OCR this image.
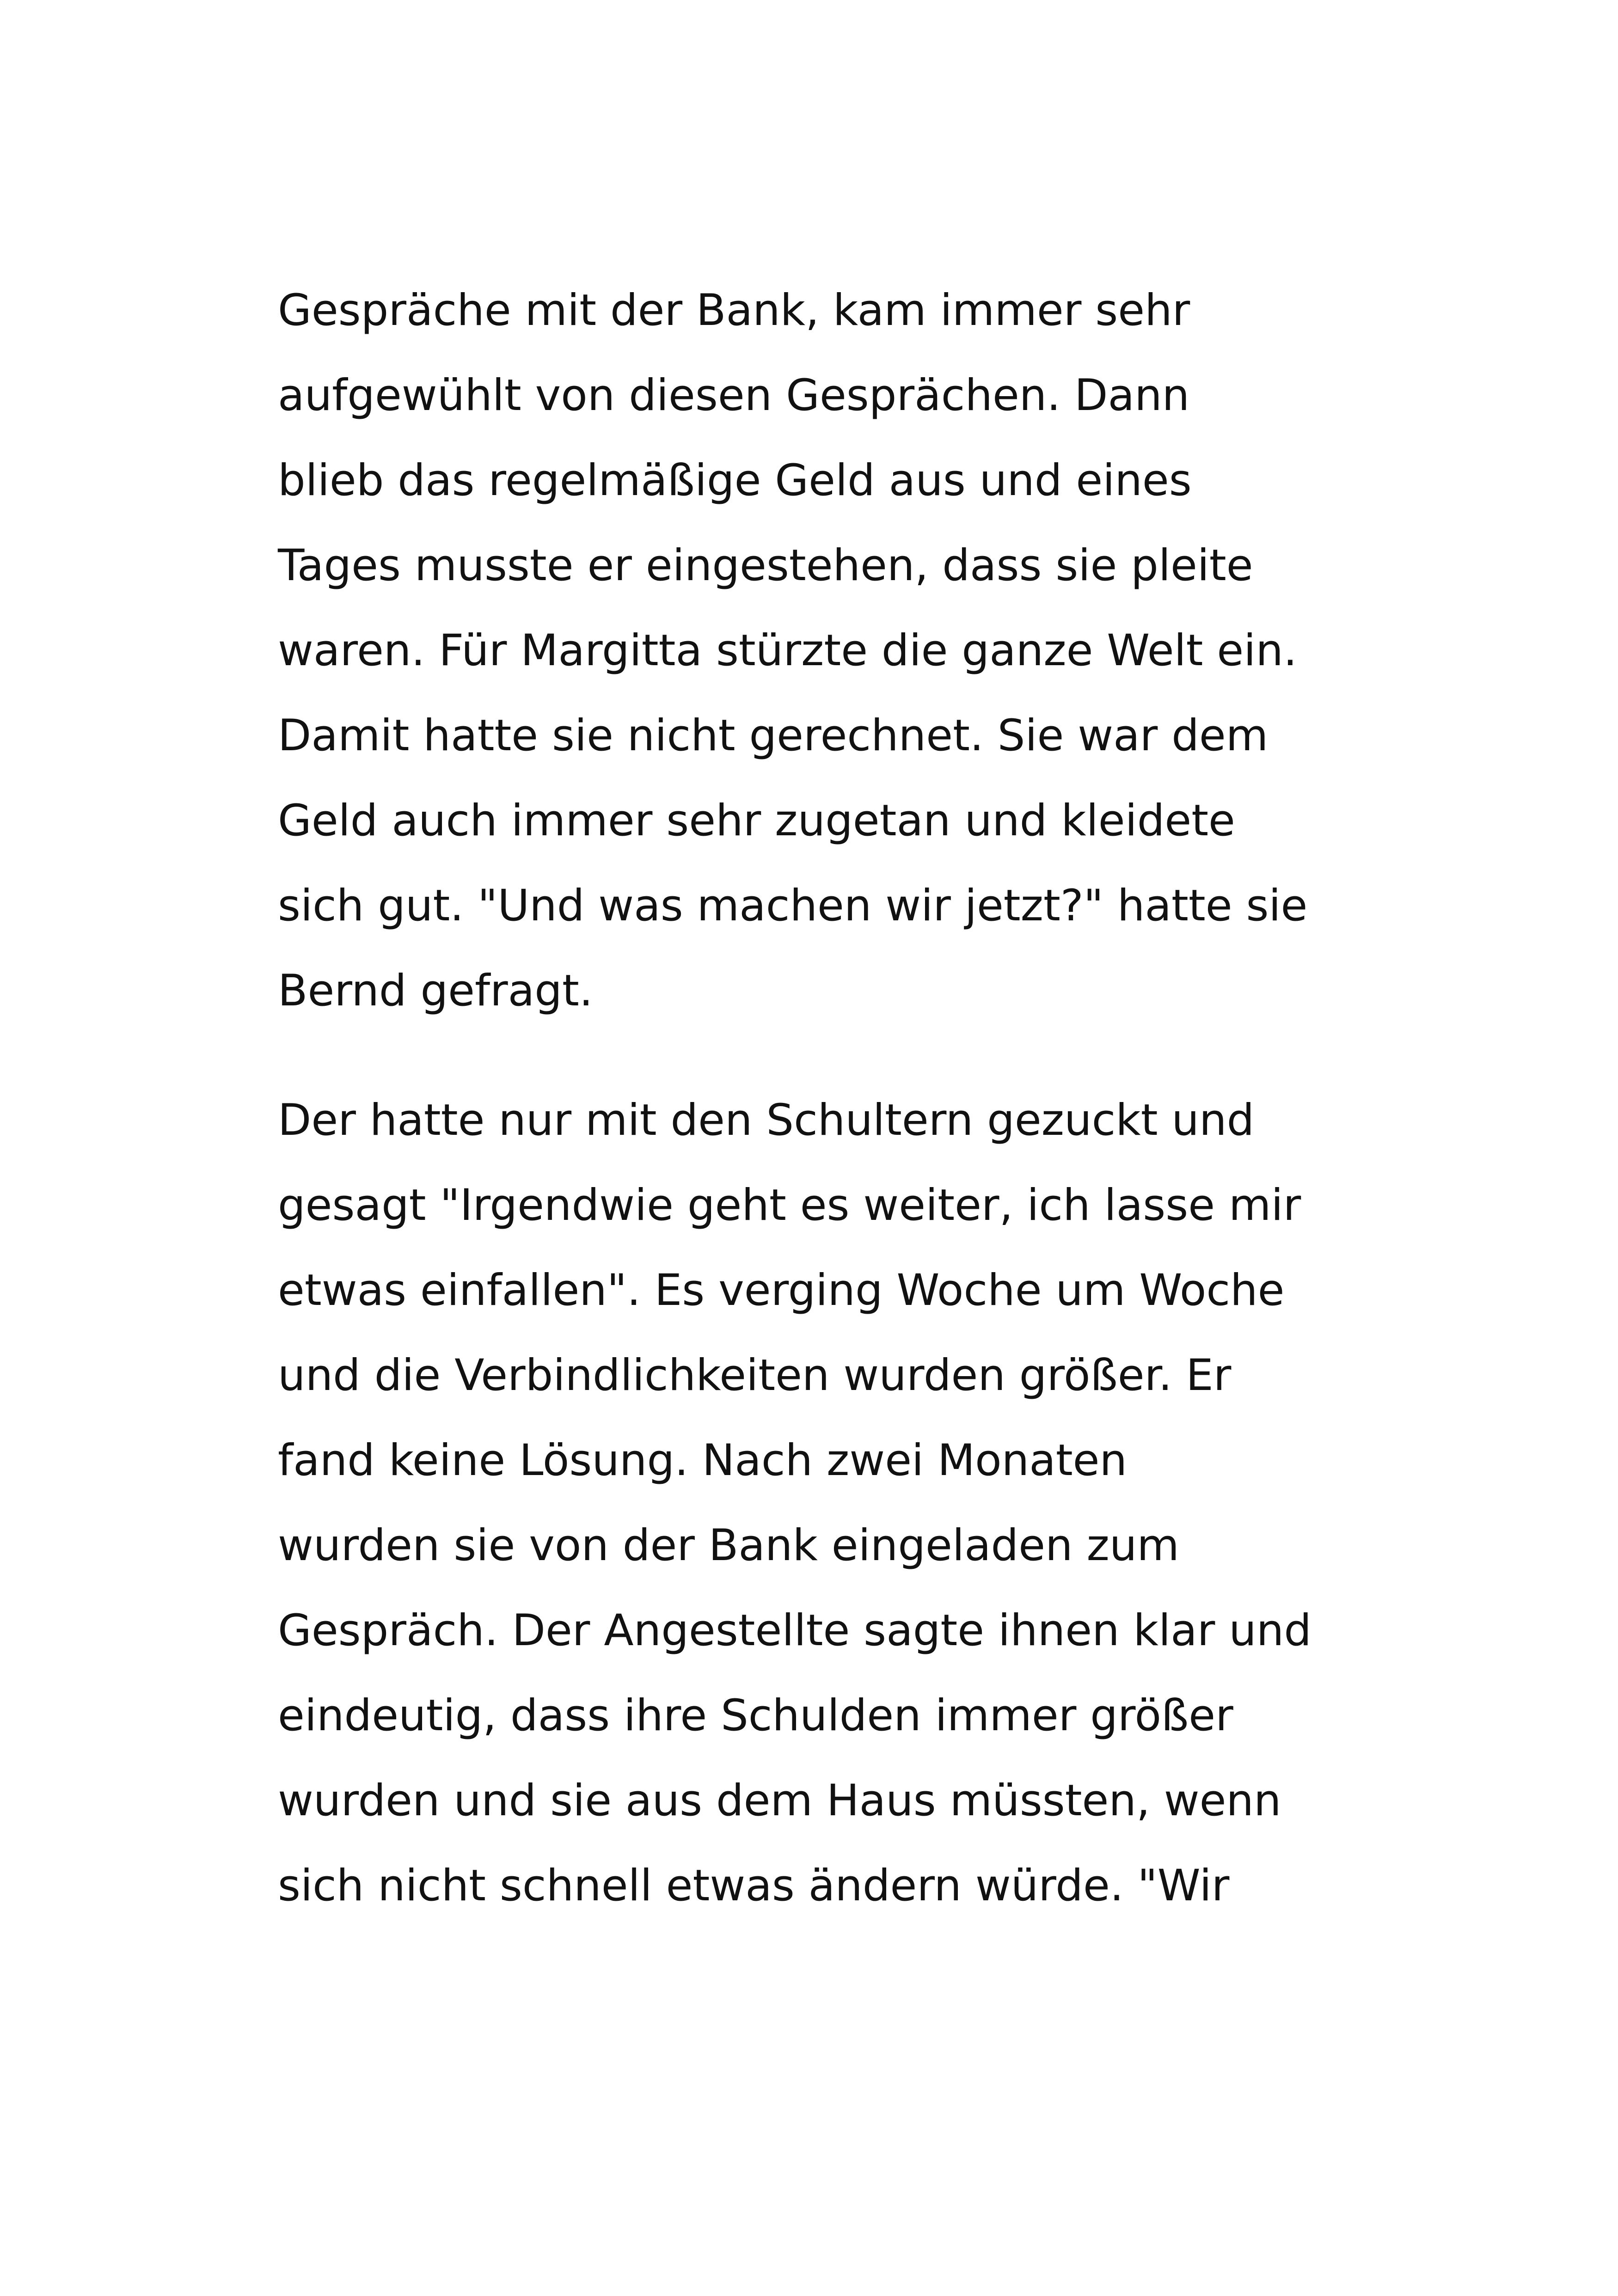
Gespräche mit der Bank, kam immer sehr
aufgewühlt von diesen Gesprächen. Dann
blieb das regelmäßige Geld aus und eines
Tages musste er eingestehen, dass sie pleite
waren. Für Margitta stürzte die ganze Welt ein.
Damit hatte sie nicht gerechnet. Sie war dem
Geld auch immer sehr zugetan und kleidete
sich gut. "Und was machen wir jetzt?" hatte sie
Bernd gefragt.
Der hatte nur mit den Schultern gezuckt und
gesagt "Irgendwie geht es weiter, ich lasse mir
etwas einfallen". Es verging Woche um Woche
und die Verbindlichkeiten wurden größer. Er
fand keine Lösung. Nach zwei Monaten
wurden sie von der Bank eingeladen zum
Gespräch. Der Angestellte sagte ihnen klar und
eindeutig, dass ihre Schulden immer größer
wurden und sie aus dem Haus müssten, wenn
sich nicht schnell etwas ändern würde. "Wir
